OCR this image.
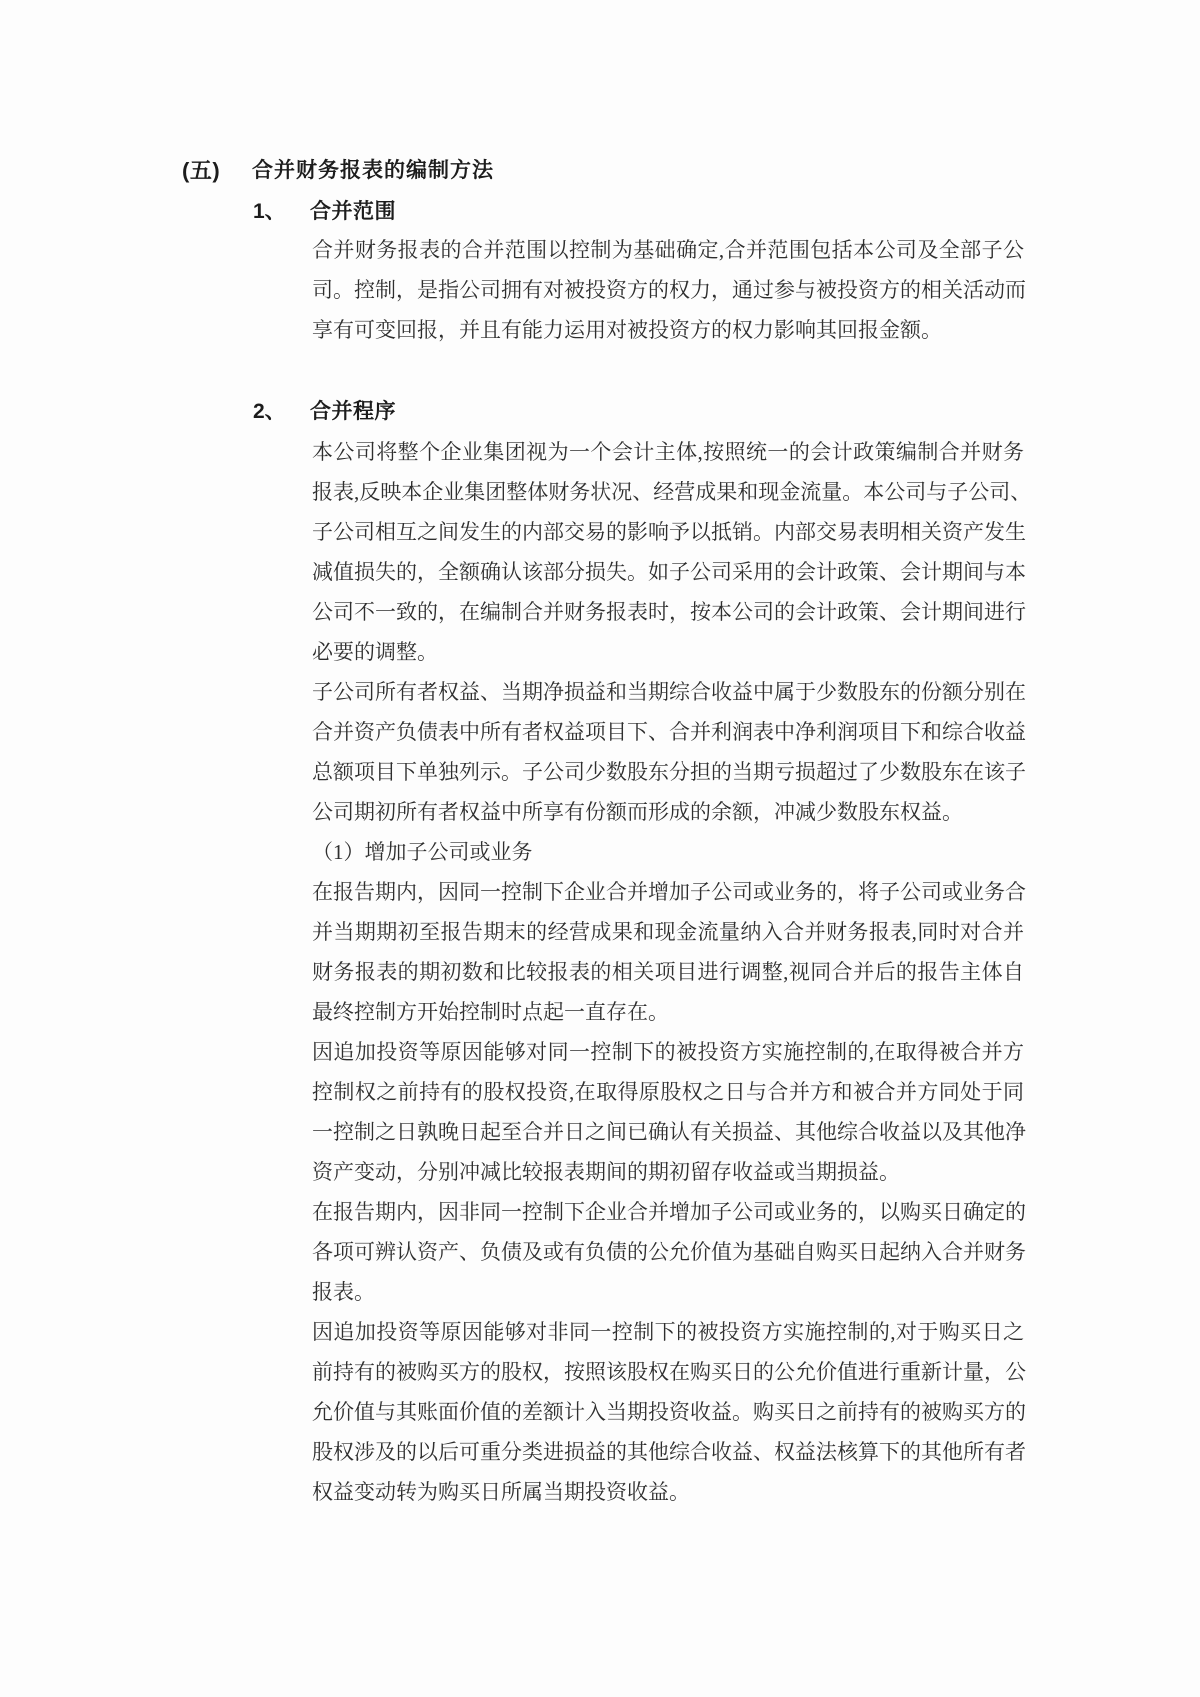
(五)	合并财务报表的编制方法
1、	合并范围
合并财务报表的合并范围以控制为基础确定,合并范围包括本公司及全部子公
司。控制，是指公司拥有对被投资方的权力，通过参与被投资方的相关活动而
享有可变回报，并且有能力运用对被投资方的权力影响其回报金额。
2、	合并程序
本公司将整个企业集团视为一个会计主体,按照统一的会计政策编制合并财务
报表,反映本企业集团整体财务状况、经营成果和现金流量。本公司与子公司、
子公司相互之间发生的内部交易的影响予以抵销。内部交易表明相关资产发生
减值损失的，全额确认该部分损失。如子公司采用的会计政策、会计期间与本
公司不一致的，在编制合并财务报表时，按本公司的会计政策、会计期间进行
必要的调整。
子公司所有者权益、当期净损益和当期综合收益中属于少数股东的份额分别在
合并资产负债表中所有者权益项目下、合并利润表中净利润项目下和综合收益
总额项目下单独列示。子公司少数股东分担的当期亏损超过了少数股东在该子
公司期初所有者权益中所享有份额而形成的余额，冲减少数股东权益。
（1）增加子公司或业务
在报告期内，因同一控制下企业合并增加子公司或业务的，将子公司或业务合
并当期期初至报告期末的经营成果和现金流量纳入合并财务报表,同时对合并
财务报表的期初数和比较报表的相关项目进行调整,视同合并后的报告主体自
最终控制方开始控制时点起一直存在。
因追加投资等原因能够对同一控制下的被投资方实施控制的,在取得被合并方
控制权之前持有的股权投资,在取得原股权之日与合并方和被合并方同处于同
一控制之日孰晚日起至合并日之间已确认有关损益、其他综合收益以及其他净
资产变动，分别冲减比较报表期间的期初留存收益或当期损益。
在报告期内，因非同一控制下企业合并增加子公司或业务的，以购买日确定的
各项可辨认资产、负债及或有负债的公允价值为基础自购买日起纳入合并财务
报表。
因追加投资等原因能够对非同一控制下的被投资方实施控制的,对于购买日之
前持有的被购买方的股权，按照该股权在购买日的公允价值进行重新计量，公
允价值与其账面价值的差额计入当期投资收益。购买日之前持有的被购买方的
股权涉及的以后可重分类进损益的其他综合收益、权益法核算下的其他所有者
权益变动转为购买日所属当期投资收益。
